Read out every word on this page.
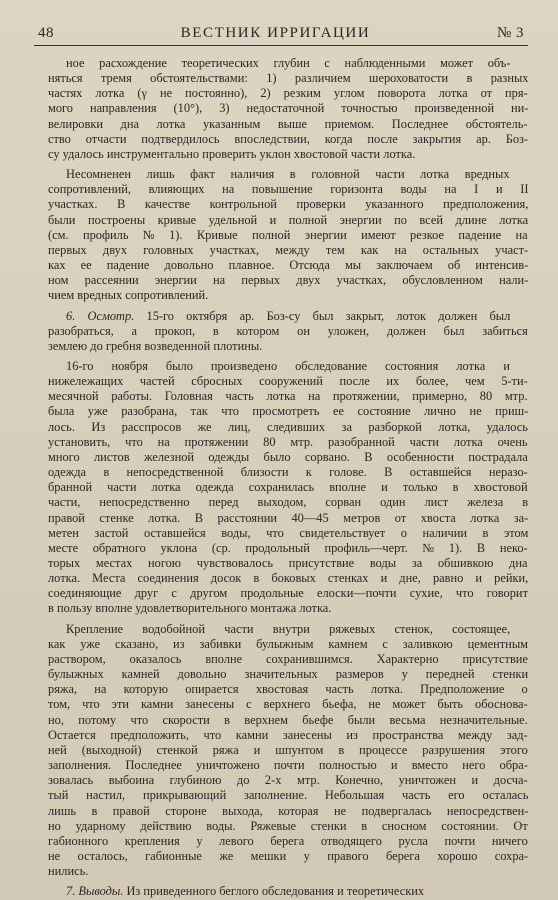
48	ВЕСТНИК ИРРИГАЦИИ	№ 3
ное расхождение теоретических глубин с наблюденными может объ-
няться тремя обстоятельствами: 1) различием шероховатости в разных
частях лотка (γ не постоянно), 2) резким углом поворота лотка от пря-
мого направления (10°), 3) недостаточной точностью произведенной ни-
велировки дна лотка указанным выше приемом. Последнее обстоятель-
ство отчасти подтвердилось впоследствии, когда после закрытия ар. Боз-
су удалось инструментально проверить уклон хвостовой части лотка.
Несомненен лишь факт наличия в головной части лотка вредных
сопротивлений, влияющих на повышение горизонта воды на I и II
участках. В качестве контрольной проверки указанного предположения,
были построены кривые удельной и полной энергии по всей длине лотка
(см. профиль № 1). Кривые полной энергии имеют резкое падение на
первых двух головных участках, между тем как на остальных участ-
ках ее падение довольно плавное. Отсюда мы заключаем об интенсив-
ном рассеянии энергии на первых двух участках, обусловленном нали-
чием вредных сопротивлений.
6. Осмотр. 15-го октября ар. Боз-су был закрыт, лоток должен был
разобраться, а прокоп, в котором он уложен, должен был забиться
землею до гребня возведенной плотины.
16-го ноября было произведено обследование состояния лотка и
нижележащих частей сбросных сооружений после их более, чем 5-ти-
месячной работы. Головная часть лотка на протяжении, примерно, 80 мтр.
была уже разобрана, так что просмотреть ее состояние лично не приш-
лось. Из расспросов же лиц, следивших за разборкой лотка, удалось
установить, что на протяжении 80 мтр. разобранной части лотка очень
много листов железной одежды было сорвано. В особенности пострадала
одежда в непосредственной близости к голове. В оставшейся неразо-
бранной части лотка одежда сохранилась вполне и только в хвостовой
части, непосредственно перед выходом, сорван один лист железа в
правой стенке лотка. В расстоянии 40—45 метров от хвоста лотка за-
метен застой оставшейся воды, что свидетельствует о наличии в этом
месте обратного уклона (ср. продольный профиль—черт. № 1). В неко-
торых местах ногою чувствовалось присутствие воды за обшивкою дна
лотка. Места соединения досок в боковых стенках и дне, равно и рейки,
соединяющие друг с другом продольные елоски—почти сухие, что говорит
в пользу вполне удовлетворительного монтажа лотка.
Крепление водобойной части внутри ряжевых стенок, состоящее,
как уже сказано, из забивки булыжным камнем с заливкою цементным
раствором, оказалось вполне сохранившимся. Характерно присутствие
булыжных камней довольно значительных размеров у передней стенки
ряжа, на которую опирается хвостовая часть лотка. Предположение о
том, что эти камни занесены с верхнего бьефа, не может быть обоснова-
но, потому что скорости в верхнем бьефе были весьма незначительные.
Остается предположить, что камни занесены из пространства между зад-
ней (выходной) стенкой ряжа и шпунтом в процессе разрушения этого
заполнения. Последнее уничтожено почти полностью и вместо него обра-
зовалась выбоина глубиною до 2-х мтр. Конечно, уничтожен и досча-
тый настил, прикрывающий заполнение. Небольшая часть его осталась
лишь в правой стороне выхода, которая не подвергалась непосредствен-
но ударному действию воды. Ряжевые стенки в сносном состоянии. От
габионного крепления у левого берега отводящего русла почти ничего
не осталось, габионные же мешки у правого берега хорошо сохра-
нились.
7. Выводы. Из приведенного беглого обследования и теоретических
